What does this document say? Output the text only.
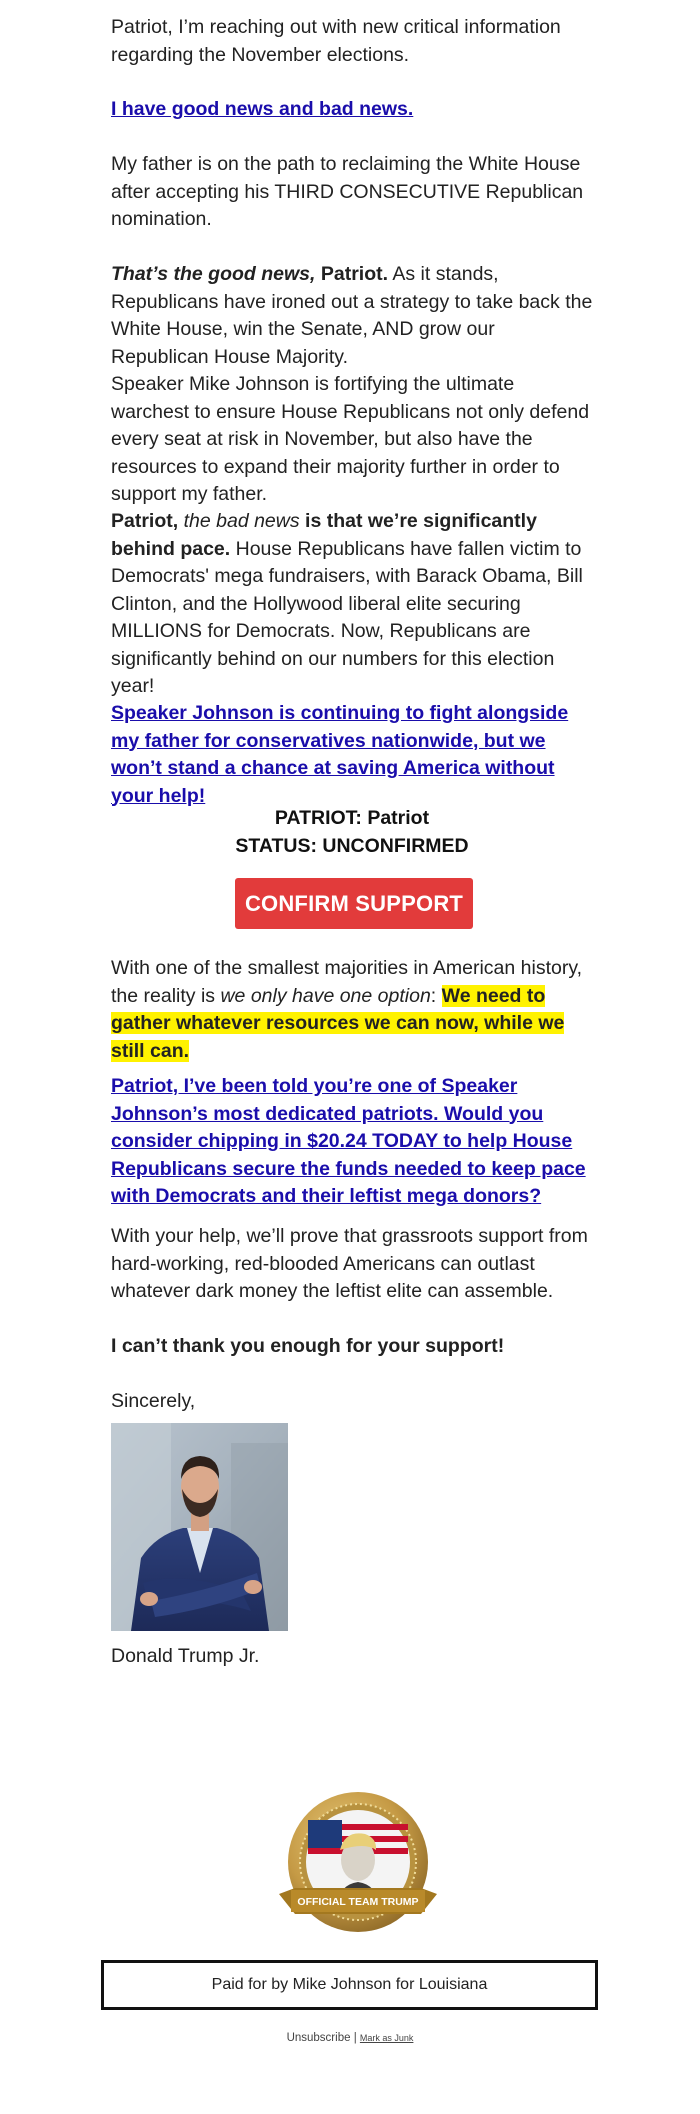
Patriot, I’m reaching out with new critical information regarding the November elections.

I have good news and bad news.

My father is on the path to reclaiming the White House after accepting his THIRD CONSECUTIVE Republican nomination.

That’s the good news, Patriot. As it stands, Republicans have ironed out a strategy to take back the White House, win the Senate, AND grow our Republican House Majority.

Speaker Mike Johnson is fortifying the ultimate warchest to ensure House Republicans not only defend every seat at risk in November, but also have the resources to expand their majority further in order to support my father.

Patriot, the bad news is that we’re significantly behind pace. House Republicans have fallen victim to Democrats' mega fundraisers, with Barack Obama, Bill Clinton, and the Hollywood liberal elite securing MILLIONS for Democrats. Now, Republicans are significantly behind on our numbers for this election year!

Speaker Johnson is continuing to fight alongside my father for conservatives nationwide, but we won’t stand a chance at saving America without your help!

PATRIOT: Patriot
STATUS: UNCONFIRMED
CONFIRM SUPPORT

With one of the smallest majorities in American history, the reality is we only have one option: We need to gather whatever resources we can now, while we still can.

Patriot, I’ve been told you’re one of Speaker Johnson’s most dedicated patriots. Would you consider chipping in $20.24 TODAY to help House Republicans secure the funds needed to keep pace with Democrats and their leftist mega donors?

With your help, we’ll prove that grassroots support from hard-working, red-blooded Americans can outlast whatever dark money the leftist elite can assemble.

I can’t thank you enough for your support!

Sincerely,

Donald Trump Jr.
OFFICIAL TEAM TRUMP
Paid for by Mike Johnson for Louisiana
Unsubscribe | Mark as Junk
